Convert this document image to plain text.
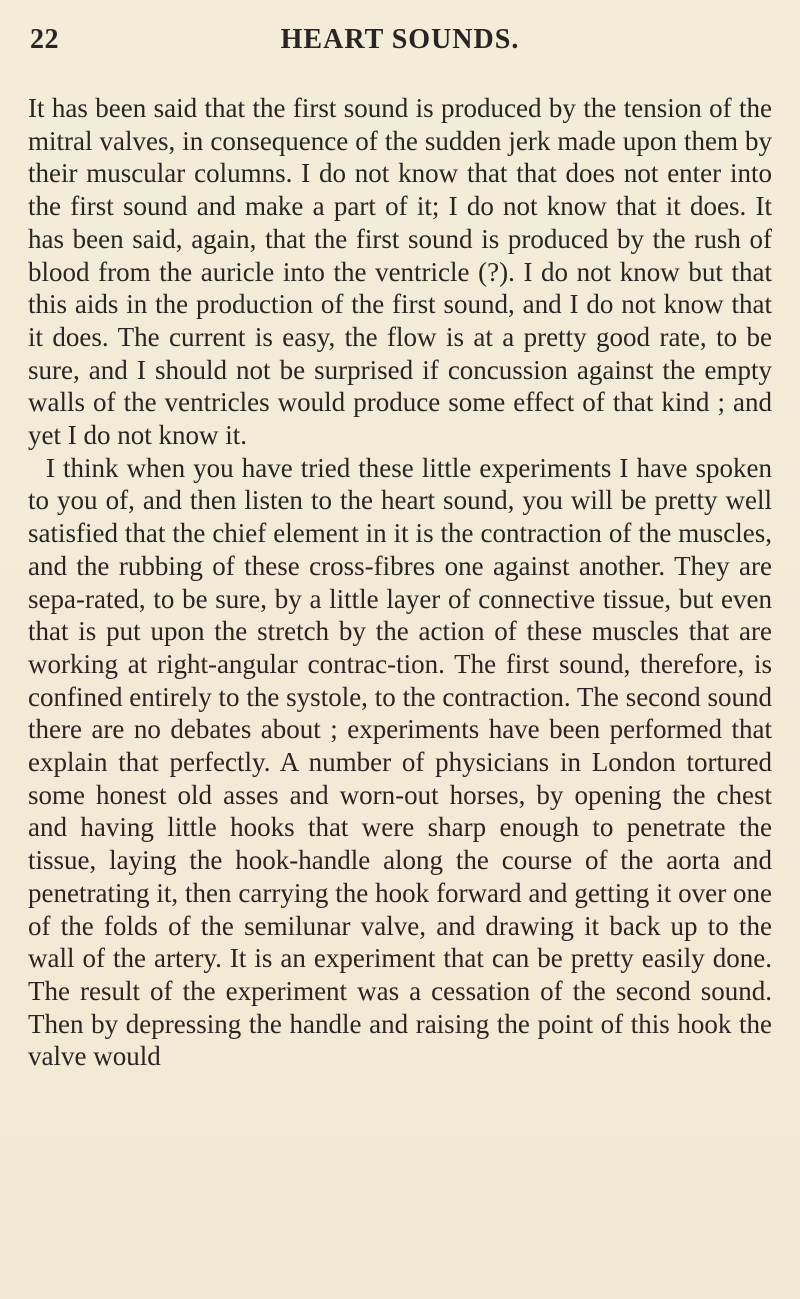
22	HEART SOUNDS.

It has been said that the first sound is produced by the tension of the mitral valves, in consequence of the sudden jerk made upon them by their muscular columns. I do not know that that does not enter into the first sound and make a part of it; I do not know that it does. It has been said, again, that the first sound is produced by the rush of blood from the auricle into the ventricle (?). I do not know but that this aids in the production of the first sound, and I do not know that it does. The current is easy, the flow is at a pretty good rate, to be sure, and I should not be surprised if concussion against the empty walls of the ventricles would produce some effect of that kind ; and yet I do not know it.

I think when you have tried these little experiments I have spoken to you of, and then listen to the heart sound, you will be pretty well satisfied that the chief element in it is the contraction of the muscles, and the rubbing of these cross-fibres one against another. They are sepa-rated, to be sure, by a little layer of connective tissue, but even that is put upon the stretch by the action of these muscles that are working at right-angular contrac-tion. The first sound, therefore, is confined entirely to the systole, to the contraction. The second sound there are no debates about ; experiments have been performed that explain that perfectly. A number of physicians in London tortured some honest old asses and worn-out horses, by opening the chest and having little hooks that were sharp enough to penetrate the tissue, laying the hook-handle along the course of the aorta and penetrating it, then carrying the hook forward and getting it over one of the folds of the semilunar valve, and drawing it back up to the wall of the artery. It is an experiment that can be pretty easily done. The result of the experiment was a cessation of the second sound. Then by depressing the handle and raising the point of this hook the valve would
